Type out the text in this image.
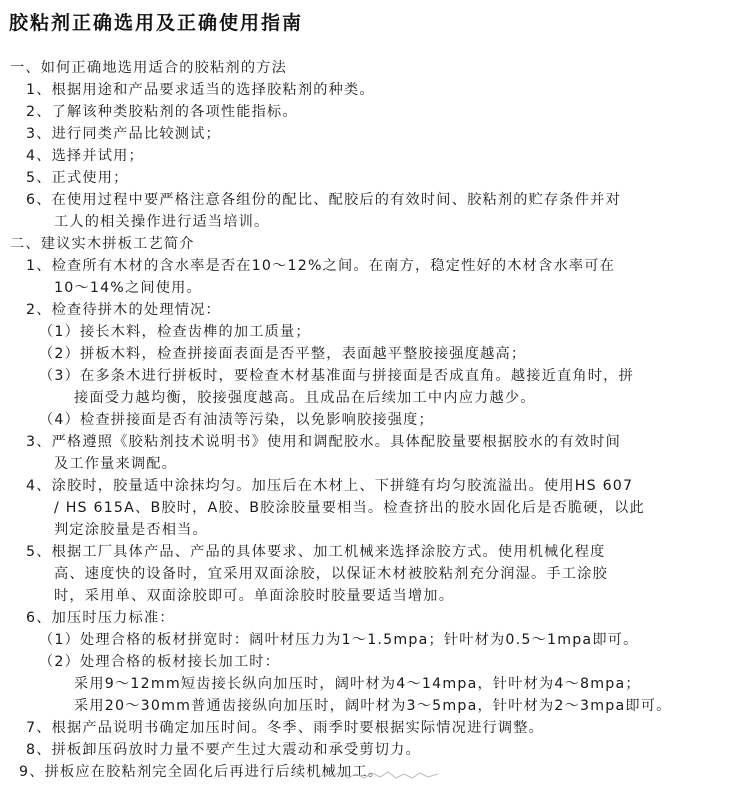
胶粘剂正确选用及正确使用指南
一、如何正确地选用适合的胶粘剂的方法
1、根据用途和产品要求适当的选择胶粘剂的种类。
2、了解该种类胶粘剂的各项性能指标。
3、进行同类产品比较测试；
4、选择并试用；
5、正式使用；
6、在使用过程中要严格注意各组份的配比、配胶后的有效时间、胶粘剂的贮存条件并对
工人的相关操作进行适当培训。
二、建议实木拼板工艺简介
1、检查所有木材的含水率是否在10～12%之间。在南方，稳定性好的木材含水率可在
10～14%之间使用。
2、检查待拼木的处理情况：
（1）接长木料，检查齿榫的加工质量；
（2）拼板木料，检查拼接面表面是否平整，表面越平整胶接强度越高；
（3）在多条木进行拼板时，要检查木材基准面与拼接面是否成直角。越接近直角时，拼
接面受力越均衡，胶接强度越高。且成品在后续加工中内应力越少。
（4）检查拼接面是否有油渍等污染，以免影响胶接强度；
3、严格遵照《胶粘剂技术说明书》使用和调配胶水。具体配胶量要根据胶水的有效时间
及工作量来调配。
4、涂胶时，胶量适中涂抹均匀。加压后在木材上、下拼缝有均匀胶流溢出。使用HS 607
/ HS 615A、B胶时，A胶、B胶涂胶量要相当。检查挤出的胶水固化后是否脆硬，以此
判定涂胶量是否相当。
5、根据工厂具体产品、产品的具体要求、加工机械来选择涂胶方式。使用机械化程度
高、速度快的设备时，宜采用双面涂胶，以保证木材被胶粘剂充分润湿。手工涂胶
时，采用单、双面涂胶即可。单面涂胶时胶量要适当增加。
6、加压时压力标准：
（1）处理合格的板材拼宽时：阔叶材压力为1～1.5mpa；针叶材为0.5～1mpa即可。
（2）处理合格的板材接长加工时：
采用9～12mm短齿接长纵向加压时，阔叶材为4～14mpa，针叶材为4～8mpa；
采用20～30mm普通齿接纵向加压时，阔叶材为3～5mpa，针叶材为2～3mpa即可。
7、根据产品说明书确定加压时间。冬季、雨季时要根据实际情况进行调整。
8、拼板卸压码放时力量不要产生过大震动和承受剪切力。
9、拼板应在胶粘剂完全固化后再进行后续机械加工。
